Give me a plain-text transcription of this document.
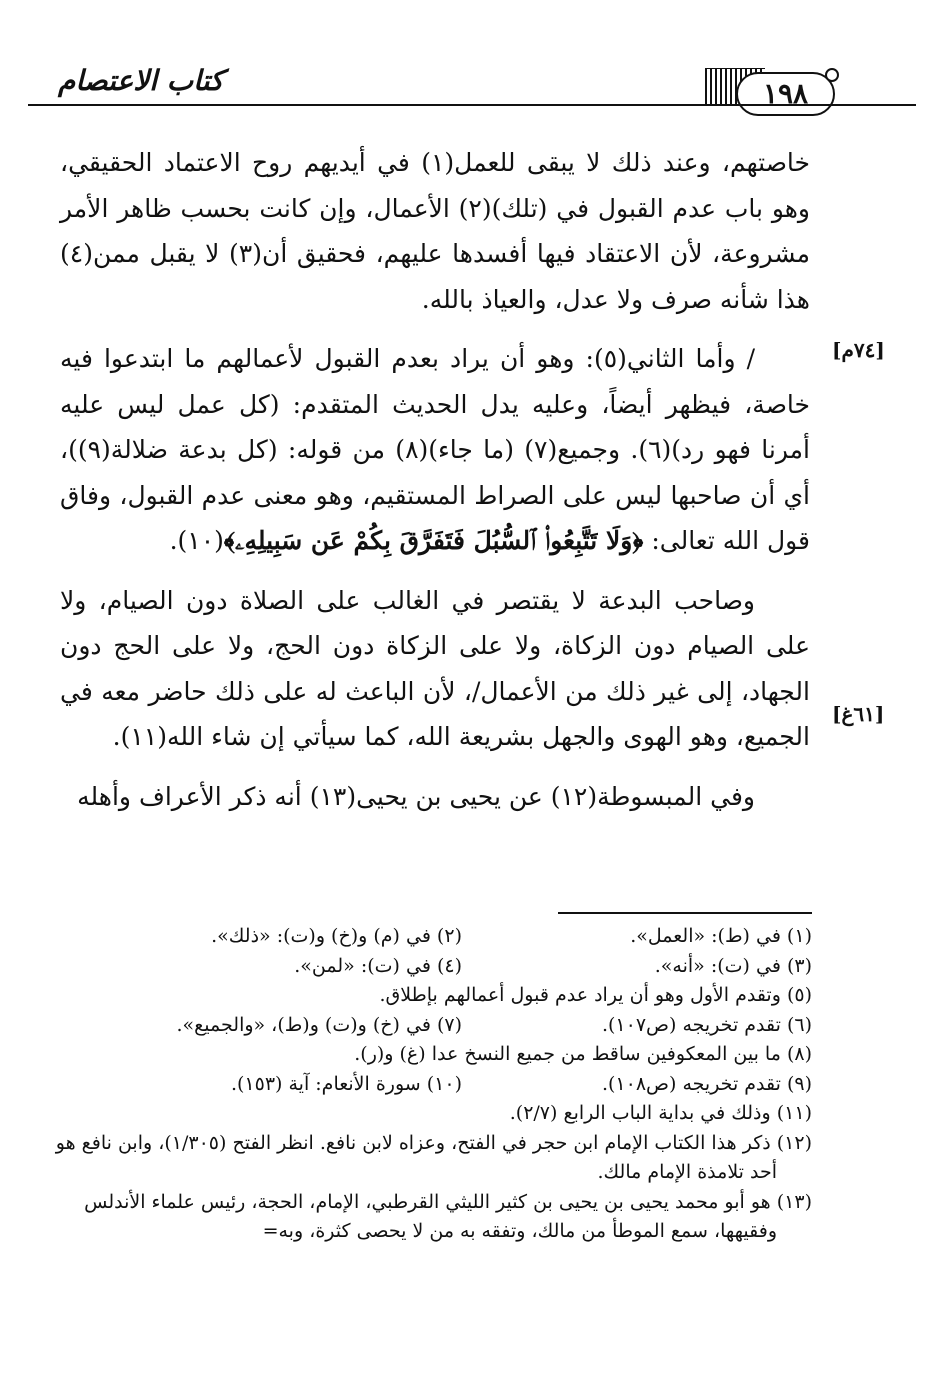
كتاب الاعتصام	١٩٨
[٧٤م]
[٦١غ]

خاصتهم، وعند ذلك لا يبقى للعمل(١) في أيديهم روح الاعتماد الحقيقي، وهو باب عدم القبول في (تلك)(٢) الأعمال، وإن كانت بحسب ظاهر الأمر مشروعة، لأن الاعتقاد فيها أفسدها عليهم، فحقيق أن(٣) لا يقبل ممن(٤) هذا شأنه صرف ولا عدل، والعياذ بالله.

/ وأما الثاني(٥): وهو أن يراد بعدم القبول لأعمالهم ما ابتدعوا فيه خاصة، فيظهر أيضاً، وعليه يدل الحديث المتقدم: (كل عمل ليس عليه أمرنا فهو رد)(٦). وجميع(٧) (ما جاء)(٨) من قوله: (كل بدعة ضلالة(٩))، أي أن صاحبها ليس على الصراط المستقيم، وهو معنى عدم القبول، وفاق قول الله تعالى: ﴿وَلَا تَتَّبِعُوا۟ ٱلسُّبُلَ فَتَفَرَّقَ بِكُمْ عَن سَبِيلِهِۦ﴾(١٠).

وصاحب البدعة لا يقتصر في الغالب على الصلاة دون الصيام، ولا على الصيام دون الزكاة، ولا على الزكاة دون الحج، ولا على الحج دون الجهاد، إلى غير ذلك من الأعمال/، لأن الباعث له على ذلك حاضر معه في الجميع، وهو الهوى والجهل بشريعة الله، كما سيأتي إن شاء الله(١١).

وفي المبسوطة(١٢) عن يحيى بن يحيى(١٣) أنه ذكر الأعراف وأهله

(١) في (ط): «العمل».
(٢) في (م) و(خ) و(ت): «ذلك».
(٣) في (ت): «أنه».
(٤) في (ت): «لمن».
(٥) وتقدم الأول وهو أن يراد عدم قبول أعمالهم بإطلاق.
(٦) تقدم تخريجه (ص١٠٧).
(٧) في (خ) و(ت) و(ط)، «والجميع».
(٨) ما بين المعكوفين ساقط من جميع النسخ عدا (غ) و(ر).
(٩) تقدم تخريجه (ص١٠٨).
(١٠) سورة الأنعام: آية (١٥٣).
(١١) وذلك في بداية الباب الرابع (٢/٧).
(١٢) ذكر هذا الكتاب الإمام ابن حجر في الفتح، وعزاه لابن نافع. انظر الفتح (١/٣٠٥)، وابن نافع هو أحد تلامذة الإمام مالك.
(١٣) هو أبو محمد يحيى بن يحيى بن كثير الليثي القرطبي، الإمام، الحجة، رئيس علماء الأندلس وفقيهها، سمع الموطأ من مالك، وتفقه به من لا يحصى كثرة، وبه=
